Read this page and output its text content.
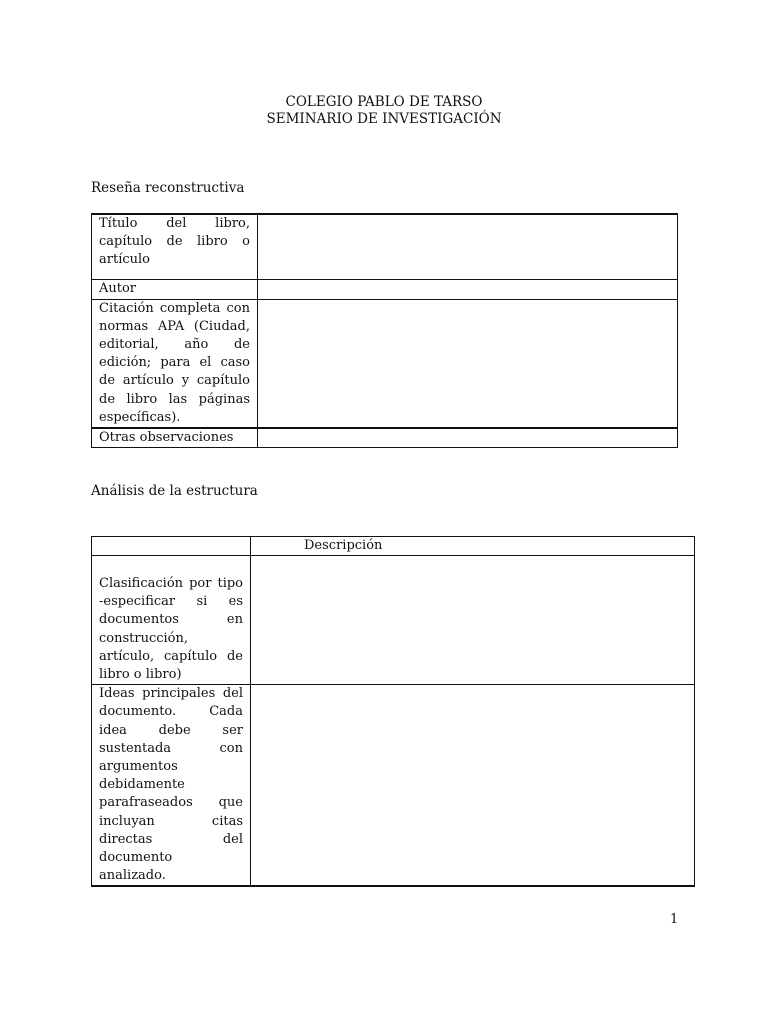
COLEGIO PABLO DE TARSO
SEMINARIO DE INVESTIGACIÓN
Reseña reconstructiva
Título del libro, capítulo de libro o artículo	
Autor	
Citación completa con normas APA (Ciudad, editorial, año de edición; para el caso de artículo y capítulo de libro las páginas específicas).	
Otras observaciones	
Análisis de la estructura
	Descripción
Clasificación por tipo -especificar si es documentos en construcción, artículo, capítulo de libro o libro)	
Ideas principales del documento. Cada idea debe ser sustentada con argumentos debidamente parafraseados que incluyan citas directas del documento analizado.	
1
